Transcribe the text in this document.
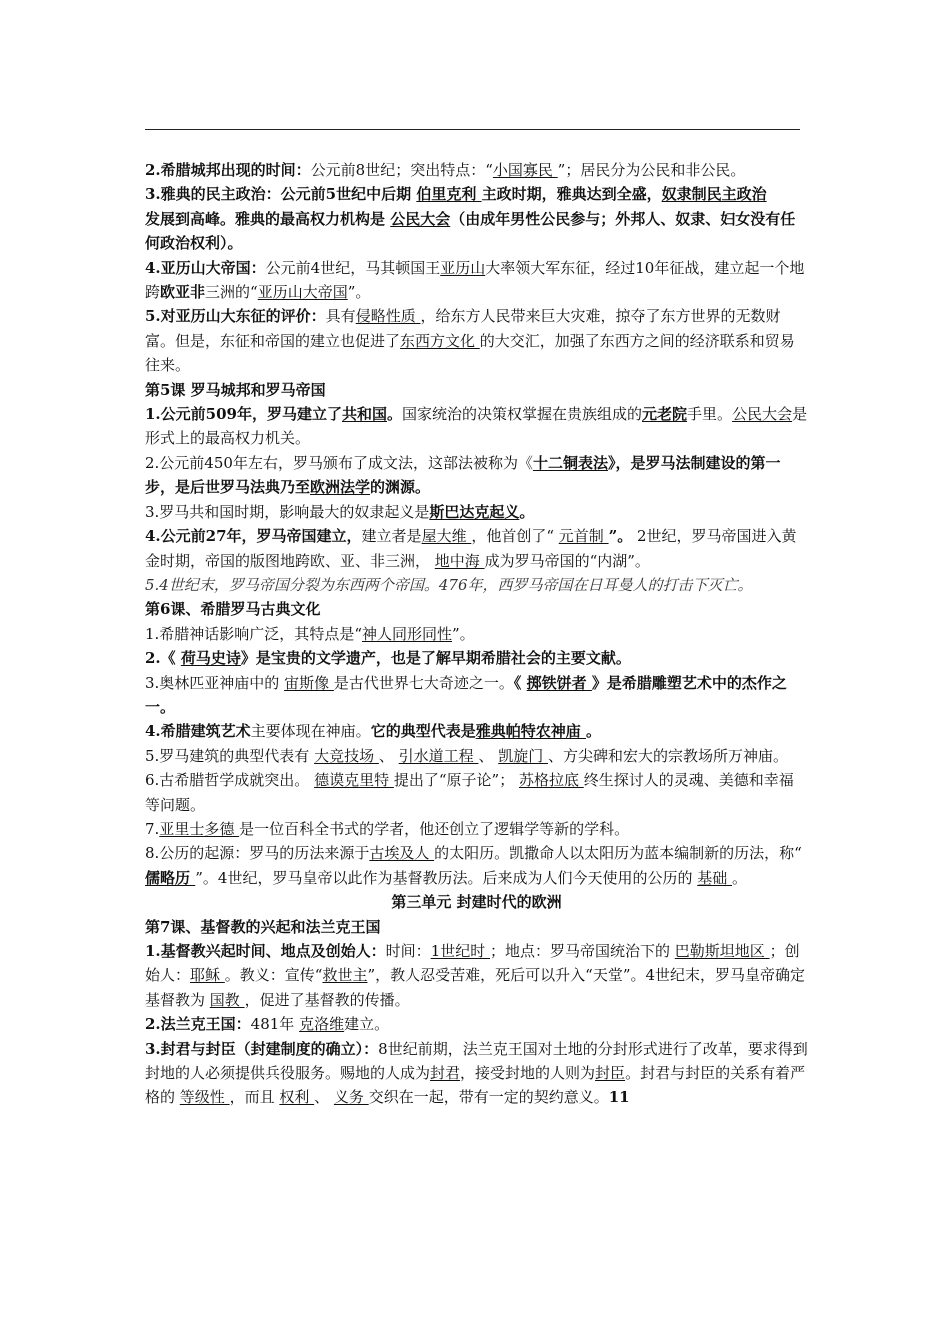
2.希腊城邦出现的时间：公元前8世纪；突出特点：“小国寡民 ”；居民分为公民和非公民。

3.雅典的民主政治：公元前5世纪中后期 伯里克利 主政时期，雅典达到全盛，奴隶制民主政治

发展到高峰。雅典的最高权力机构是 公民大会（由成年男性公民参与；外邦人、奴隶、妇女没有任何政治权利）。

4.亚历山大帝国：公元前4世纪，马其顿国王亚历山大率领大军东征，经过10年征战，建立起一个地跨欧亚非三洲的“亚历山大帝国”。

5.对亚历山大东征的评价：具有侵略性质 ，给东方人民带来巨大灾难，掠夺了东方世界的无数财富。但是，东征和帝国的建立也促进了东西方文化 的大交汇，加强了东西方之间的经济联系和贸易往来。

第5课 罗马城邦和罗马帝国

1.公元前509年，罗马建立了共和国。国家统治的决策权掌握在贵族组成的元老院手里。公民大会是形式上的最高权力机关。

2.公元前450年左右，罗马颁布了成文法，这部法被称为《十二铜表法》，是罗马法制建设的第一步，是后世罗马法典乃至欧洲法学的渊源。

3.罗马共和国时期，影响最大的奴隶起义是斯巴达克起义。

4.公元前27年，罗马帝国建立，建立者是屋大维 ，他首创了“ 元首制 ”。 2世纪，罗马帝国进入黄金时期，帝国的版图地跨欧、亚、非三洲， 地中海 成为罗马帝国的“内湖”。

5.4世纪末，罗马帝国分裂为东西两个帝国。476年，西罗马帝国在日耳曼人的打击下灭亡。

第6课、希腊罗马古典文化

1.希腊神话影响广泛，其特点是“神人同形同性”。

2.《 荷马史诗》是宝贵的文学遗产，也是了解早期希腊社会的主要文献。

3.奥林匹亚神庙中的 宙斯像 是古代世界七大奇迹之一。《 掷铁饼者 》是希腊雕塑艺术中的杰作之一。

4.希腊建筑艺术主要体现在神庙。它的典型代表是雅典帕特农神庙 。

5.罗马建筑的典型代表有 大竞技场 、 引水道工程 、 凯旋门 、方尖碑和宏大的宗教场所万神庙。

6.古希腊哲学成就突出。 德谟克里特 提出了“原子论”； 苏格拉底 终生探讨人的灵魂、美德和幸福等问题。

7.亚里士多德 是一位百科全书式的学者，他还创立了逻辑学等新的学科。

8.公历的起源：罗马的历法来源于古埃及人 的太阳历。凯撒命人以太阳历为蓝本编制新的历法，称“ 儒略历 ”。4世纪，罗马皇帝以此作为基督教历法。后来成为人们今天使用的公历的 基础 。

第三单元 封建时代的欧洲

第7课、基督教的兴起和法兰克王国

1.基督教兴起时间、地点及创始人：时间：1世纪时 ；地点：罗马帝国统治下的 巴勒斯坦地区 ；创始人：耶稣 。教义：宣传“救世主”，教人忍受苦难，死后可以升入“天堂”。4世纪末，罗马皇帝确定基督教为 国教 ，促进了基督教的传播。

2.法兰克王国：481年 克洛维建立。

3.封君与封臣（封建制度的确立）：8世纪前期，法兰克王国对土地的分封形式进行了改革，要求得到封地的人必须提供兵役服务。赐地的人成为封君，接受封地的人则为封臣。封君与封臣的关系有着严格的 等级性 ，而且 权利 、 义务 交织在一起，带有一定的契约意义。11
